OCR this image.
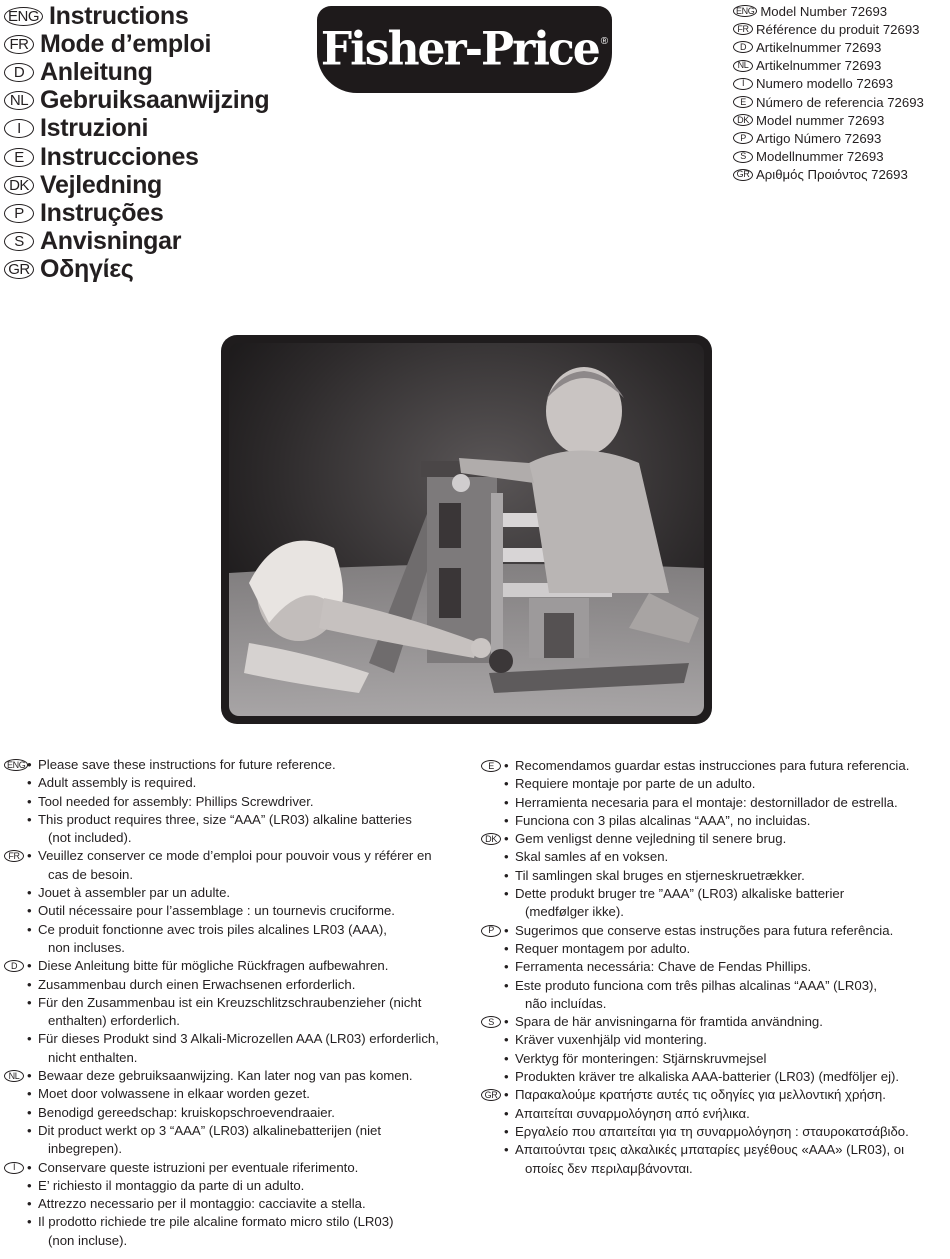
ENG Instructions
FR Mode d’emploi
D Anleitung
NL Gebruiksaanwijzing
I Istruzioni
E Instrucciones
DK Vejledning
P Instruções
S Anvisningar
GR Οδηγίες
Fisher-Price ®
ENG Model Number 72693
FR Référence du produit 72693
D Artikelnummer 72693
NL Artikelnummer 72693
I Numero modello 72693
E Número de referencia 72693
DK Model nummer 72693
P Artigo Número 72693
S Modellnummer 72693
GR Αριθμός Προιόντος 72693
ENG • Please save these instructions for future reference.
• Adult assembly is required.
• Tool needed for assembly: Phillips Screwdriver.
• This product requires three, size “AAA” (LR03) alkaline batteries
(not included).
FR • Veuillez conserver ce mode d’emploi pour pouvoir vous y référer en
cas de besoin.
• Jouet à assembler par un adulte.
• Outil nécessaire pour l’assemblage : un tournevis cruciforme.
• Ce produit fonctionne avec trois piles alcalines LR03 (AAA),
non incluses.
D • Diese Anleitung bitte für mögliche Rückfragen aufbewahren.
• Zusammenbau durch einen Erwachsenen erforderlich.
• Für den Zusammenbau ist ein Kreuzschlitzschraubenzieher (nicht
enthalten) erforderlich.
• Für dieses Produkt sind 3 Alkali-Microzellen AAA (LR03) erforderlich,
nicht enthalten.
NL • Bewaar deze gebruiksaanwijzing. Kan later nog van pas komen.
• Moet door volwassene in elkaar worden gezet.
• Benodigd gereedschap: kruiskopschroevendraaier.
• Dit product werkt op 3 “AAA” (LR03) alkalinebatterijen (niet
inbegrepen).
I • Conservare queste istruzioni per eventuale riferimento.
• E’ richiesto il montaggio da parte di un adulto.
• Attrezzo necessario per il montaggio: cacciavite a stella.
• Il prodotto richiede tre pile alcaline formato micro stilo (LR03)
(non incluse).
E • Recomendamos guardar estas instrucciones para futura referencia.
• Requiere montaje por parte de un adulto.
• Herramienta necesaria para el montaje: destornillador de estrella.
• Funciona con 3 pilas alcalinas “AAA”, no incluidas.
DK • Gem venligst denne vejledning til senere brug.
• Skal samles af en voksen.
• Til samlingen skal bruges en stjerneskruetrækker.
• Dette produkt bruger tre ”AAA” (LR03) alkaliske batterier
(medfølger ikke).
P • Sugerimos que conserve estas instruções para futura referência.
• Requer montagem por adulto.
• Ferramenta necessária: Chave de Fendas Phillips.
• Este produto funciona com três pilhas alcalinas “AAA” (LR03),
não incluídas.
S • Spara de här anvisningarna för framtida användning.
• Kräver vuxenhjälp vid montering.
• Verktyg för monteringen: Stjärnskruvmejsel
• Produkten kräver tre alkaliska AAA-batterier (LR03) (medföljer ej).
GR • Παρακαλούμε κρατήστε αυτές τις οδηγίες για μελλοντική χρήση.
• Απαιτείται συναρμολόγηση από ενήλικα.
• Εργαλείο που απαιτείται για τη συναρμολόγηση : σταυροκατσάβιδο.
• Απαιτούνται τρεις αλκαλικές μπαταρίες μεγέθους «AAA» (LR03), οι
οποίες δεν περιλαμβάνονται.
